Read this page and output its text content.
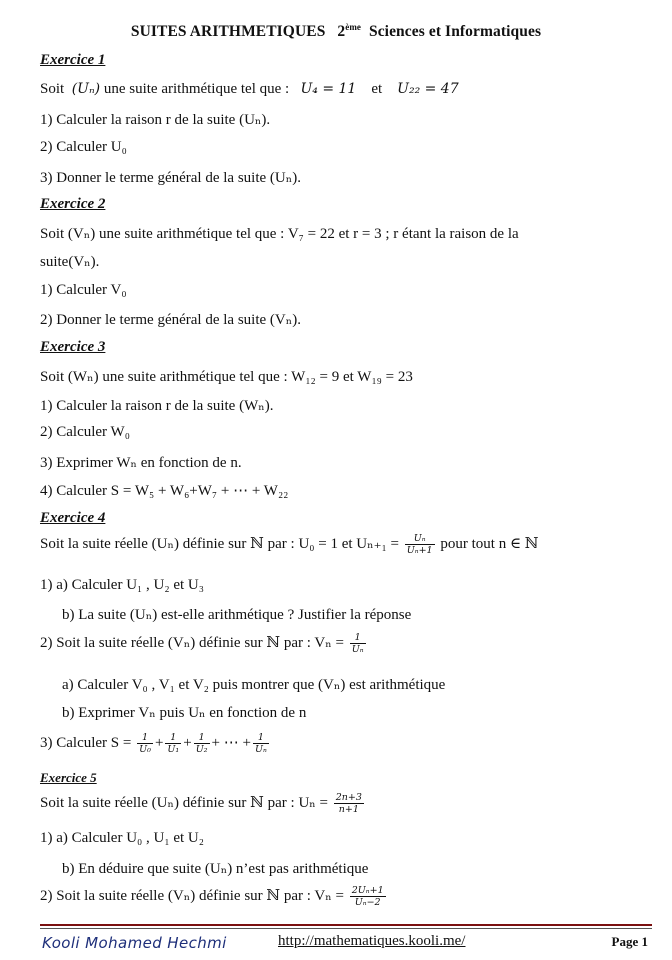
SUITES ARITHMETIQUES 2ème Sciences et Informatiques
Exercice 1
Soit (Uₙ) une suite arithmétique tel que : U₄ = 11 et U₂₂ = 47
1) Calculer la raison r de la suite (Uₙ).
2) Calculer U₀
3) Donner le terme général de la suite (Uₙ).
Exercice 2
Soit (Vₙ) une suite arithmétique tel que : V₇ = 22 et r = 3 ; r étant la raison de la
suite(Vₙ).
1) Calculer V₀
2) Donner le terme général de la suite (Vₙ).
Exercice 3
Soit (Wₙ) une suite arithmétique tel que : W₁₂ = 9 et W₁₉ = 23
1) Calculer la raison r de la suite (Wₙ).
2) Calculer W₀
3) Exprimer Wₙ en fonction de n.
4) Calculer S = W₅ + W₆+W₇ + ⋯ + W₂₂
Exercice 4
Soit la suite réelle (Uₙ) définie sur ℕ par : U₀ = 1 et $U_{n+1} = \frac{\text{Uₙ}}{\text{Uₙ+1}}$ pour tout n ∈ ℕ
1) a) Calculer U₁ , U₂ et U₃
b) La suite (Uₙ) est-elle arithmétique ? Justifier la réponse
2) Soit la suite réelle (Vₙ) définie sur ℕ par : $V_n = \frac{1}{\text{Uₙ}}$
a) Calculer V₀ , V₁ et V₂ puis montrer que (Vₙ) est arithmétique
b) Exprimer Vₙ puis Uₙ en fonction de n
3) Calculer $S = \frac{1}{\text{U₀}} + \frac{1}{\text{U₁}} + \frac{1}{\text{U₂}}$ + ⋯ + $\frac{1}{\text{Uₙ}}$
Exercice 5
Soit la suite réelle (Uₙ) définie sur ℕ par : $U_n = \frac{2n+3}{n+1}$
1) a) Calculer U₀ , U₁ et U₂
b) En déduire que suite (Uₙ) n’est pas arithmétique
2) Soit la suite réelle (Vₙ) définie sur ℕ par : $V_n = \frac{\text{2Uₙ+1}}{\text{Uₙ−2}}$
Kooli Mohamed Hechmi	http://mathematiques.kooli.me/	Page 1
